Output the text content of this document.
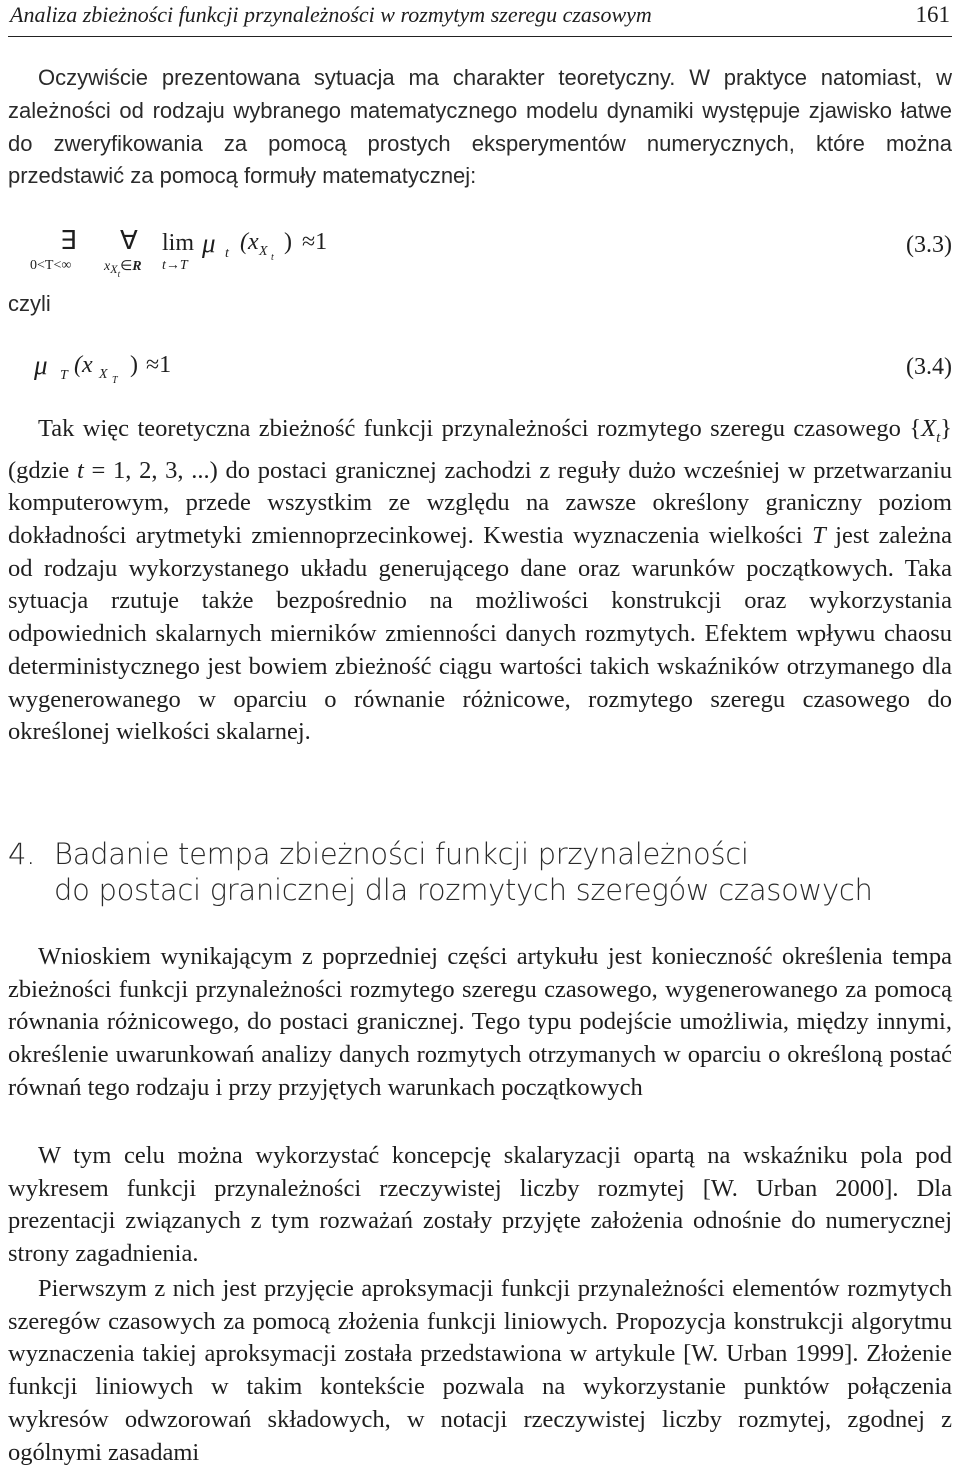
Analiza zbieżności funkcji przynależności w rozmytym szeregu czasowym	161

Oczywiście prezentowana sytuacja ma charakter teoretyczny. W praktyce natomiast, w zależności od rodzaju wybranego matematycznego modelu dynamiki występuje zjawisko łatwe do zweryfikowania za pomocą prostych eksperymentów numerycznych, które można przedstawić za pomocą formuły matematycznej:

∃
0<T<∞
∀
$xX_t\in R$
lim
t→T
μ t (x X t
) ≈1	(3.3)
czyli
μ T (x X T
) ≈1	(3.4)

Tak więc teoretyczna zbieżność funkcji przynależności rozmytego szeregu czasowego $\{X_t\}$ (gdzie t = 1, 2, 3, ...) do postaci granicznej zachodzi z reguły dużo wcześniej w przetwarzaniu komputerowym, przede wszystkim ze względu na zawsze określony graniczny poziom dokładności arytmetyki zmiennoprzecinkowej. Kwestia wyznaczenia wielkości T jest zależna od rodzaju wykorzystanego układu generującego dane oraz warunków początkowych. Taka sytuacja rzutuje także bezpośrednio na możliwości konstrukcji oraz wykorzystania odpowiednich skalarnych mierników zmienności danych rozmytych. Efektem wpływu chaosu deterministycznego jest bowiem zbieżność ciągu wartości takich wskaźników otrzymanego dla wygenerowanego w oparciu o równanie różnicowe, rozmytego szeregu czasowego do określonej wielkości skalarnej.

4. Badanie tempa zbieżności funkcji przynależności
do postaci granicznej dla rozmytych szeregów czasowych

Wnioskiem wynikającym z poprzedniej części artykułu jest konieczność określenia tempa zbieżności funkcji przynależności rozmytego szeregu czasowego, wygenerowanego za pomocą równania różnicowego, do postaci granicznej. Tego typu podejście umożliwia, między innymi, określenie uwarunkowań analizy danych rozmytych otrzymanych w oparciu o określoną postać równań tego rodzaju i przy przyjętych warunkach początkowych

W tym celu można wykorzystać koncepcję skalaryzacji opartą na wskaźniku pola pod wykresem funkcji przynależności rzeczywistej liczby rozmytej [W. Urban 2000]. Dla prezentacji związanych z tym rozważań zostały przyjęte założenia odnośnie do numerycznej strony zagadnienia.

Pierwszym z nich jest przyjęcie aproksymacji funkcji przynależności elementów rozmytych szeregów czasowych za pomocą złożenia funkcji liniowych. Propozycja konstrukcji algorytmu wyznaczenia takiej aproksymacji została przedstawiona w artykule [W. Urban 1999]. Złożenie funkcji liniowych w takim kontekście pozwala na wykorzystanie punktów połączenia wykresów odwzorowań składowych, w notacji rzeczywistej liczby rozmytej, zgodnej z ogólnymi zasadami
